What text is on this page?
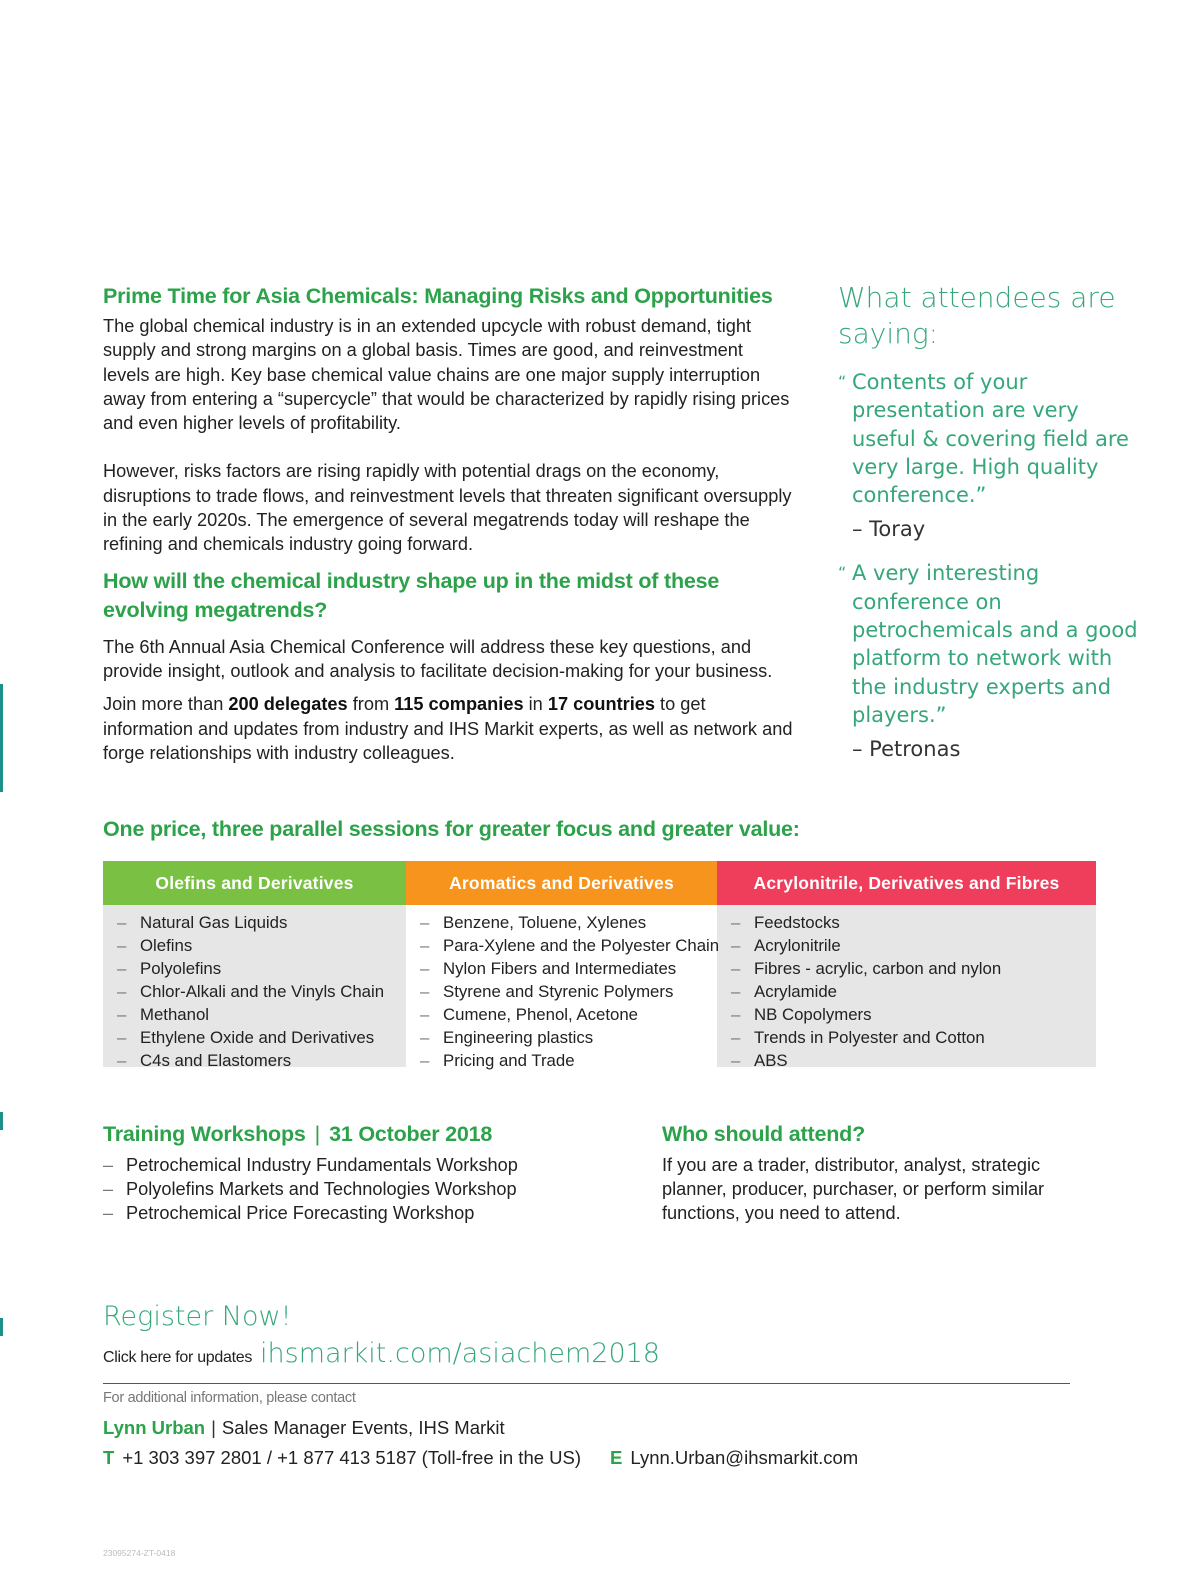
Prime Time for Asia Chemicals: Managing Risks and Opportunities

The global chemical industry is in an extended upcycle with robust demand, tight supply and strong margins on a global basis. Times are good, and reinvestment levels are high. Key base chemical value chains are one major supply interruption away from entering a “supercycle” that would be characterized by rapidly rising prices and even higher levels of profitability.

However, risks factors are rising rapidly with potential drags on the economy, disruptions to trade flows, and reinvestment levels that threaten significant oversupply in the early 2020s. The emergence of several megatrends today will reshape the refining and chemicals industry going forward.

How will the chemical industry shape up in the midst of these evolving megatrends?

The 6th Annual Asia Chemical Conference will address these key questions, and provide insight, outlook and analysis to facilitate decision-making for your business.

Join more than 200 delegates from 115 companies in 17 countries to get information and updates from industry and IHS Markit experts, as well as network and forge relationships with industry colleagues.

What attendees are saying:

“ Contents of your presentation are very useful & covering field are very large. High quality conference.”

– Toray

“ A very interesting conference on petrochemicals and a good platform to network with the industry experts and players.”

– Petronas

One price, three parallel sessions for greater focus and greater value:
Olefins and Derivatives
– Natural Gas Liquids
– Olefins
– Polyolefins
– Chlor-Alkali and the Vinyls Chain
– Methanol
– Ethylene Oxide and Derivatives
– C4s and Elastomers
Aromatics and Derivatives
– Benzene, Toluene, Xylenes
– Para-Xylene and the Polyester Chain
– Nylon Fibers and Intermediates
– Styrene and Styrenic Polymers
– Cumene, Phenol, Acetone
– Engineering plastics
– Pricing and Trade
Acrylonitrile, Derivatives and Fibres
– Feedstocks
– Acrylonitrile
– Fibres - acrylic, carbon and nylon
– Acrylamide
– NB Copolymers
– Trends in Polyester and Cotton
– ABS
Training Workshops | 31 October 2018
– Petrochemical Industry Fundamentals Workshop
– Polyolefins Markets and Technologies Workshop
– Petrochemical Price Forecasting Workshop
Who should attend?

If you are a trader, distributor, analyst, strategic planner, producer, purchaser, or perform similar functions, you need to attend.

Register Now!
Click here for updates ihsmarkit.com/asiachem2018
For additional information, please contact
Lynn Urban | Sales Manager Events, IHS Markit
T +1 303 397 2801 / +1 877 413 5187 (Toll-free in the US) E Lynn.Urban@ihsmarkit.com
23095274-ZT-0418
